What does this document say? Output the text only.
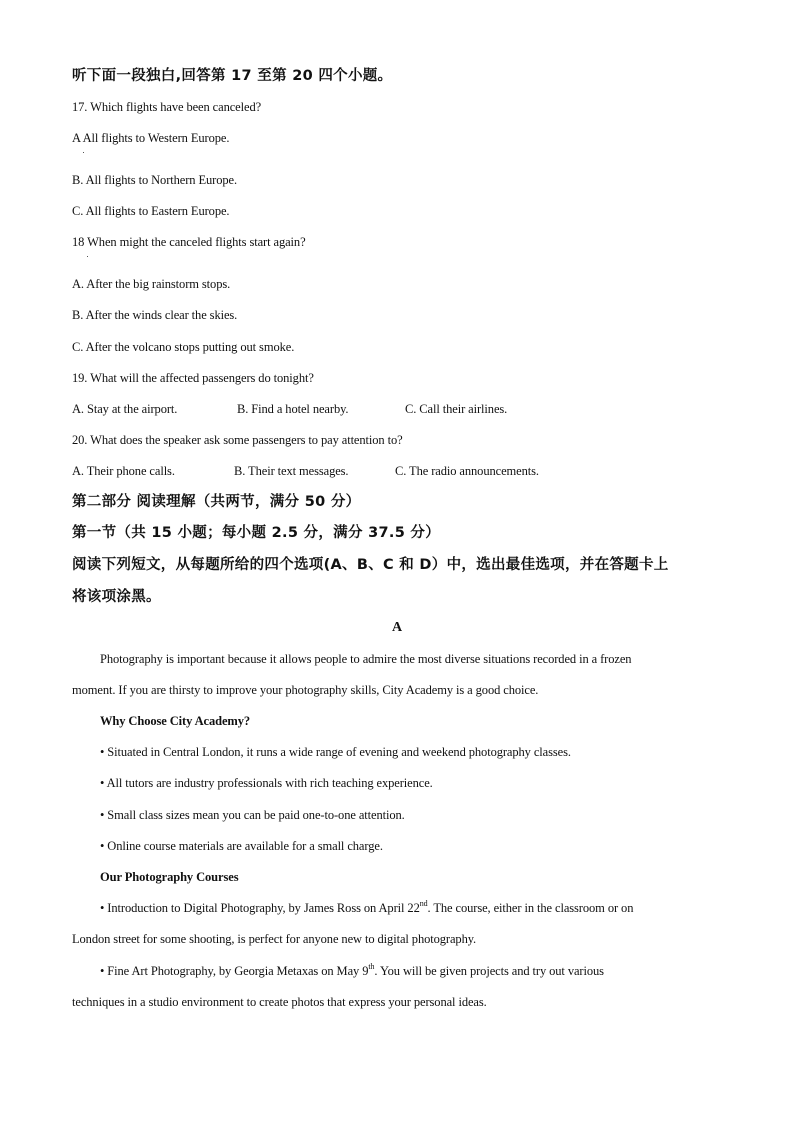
听下面一段独白,回答第 17 至第 20 四个小题。
17. Which flights have been canceled?
A All flights to Western Europe.
B. All flights to Northern Europe.
C. All flights to Eastern Europe.
18 When might the canceled flights start again?
A. After the big rainstorm stops.
B. After the winds clear the skies.
C. After the volcano stops putting out smoke.
19. What will the affected passengers do tonight?
A. Stay at the airport.	B. Find a hotel nearby.	C. Call their airlines.
20. What does the speaker ask some passengers to pay attention to?
A. Their phone calls.	B. Their text messages.	C. The radio announcements.
第二部分 阅读理解（共两节，满分 50 分）
第一节（共 15 小题；每小题 2.5 分，满分 37.5 分）
阅读下列短文，从每题所给的四个选项(A、B、C 和 D）中，选出最佳选项，并在答题卡上
将该项涂黑。
A
Photography is important because it allows people to admire the most diverse situations recorded in a frozen
moment. If you are thirsty to improve your photography skills, City Academy is a good choice.
Why Choose City Academy?
• Situated in Central London, it runs a wide range of evening and weekend photography classes.
• All tutors are industry professionals with rich teaching experience.
• Small class sizes mean you can be paid one-to-one attention.
• Online course materials are available for a small charge.
Our Photography Courses
• Introduction to Digital Photography, by James Ross on April 22nd. The course, either in the classroom or on
London street for some shooting, is perfect for anyone new to digital photography.
• Fine Art Photography, by Georgia Metaxas on May 9th. You will be given projects and try out various
techniques in a studio environment to create photos that express your personal ideas.
